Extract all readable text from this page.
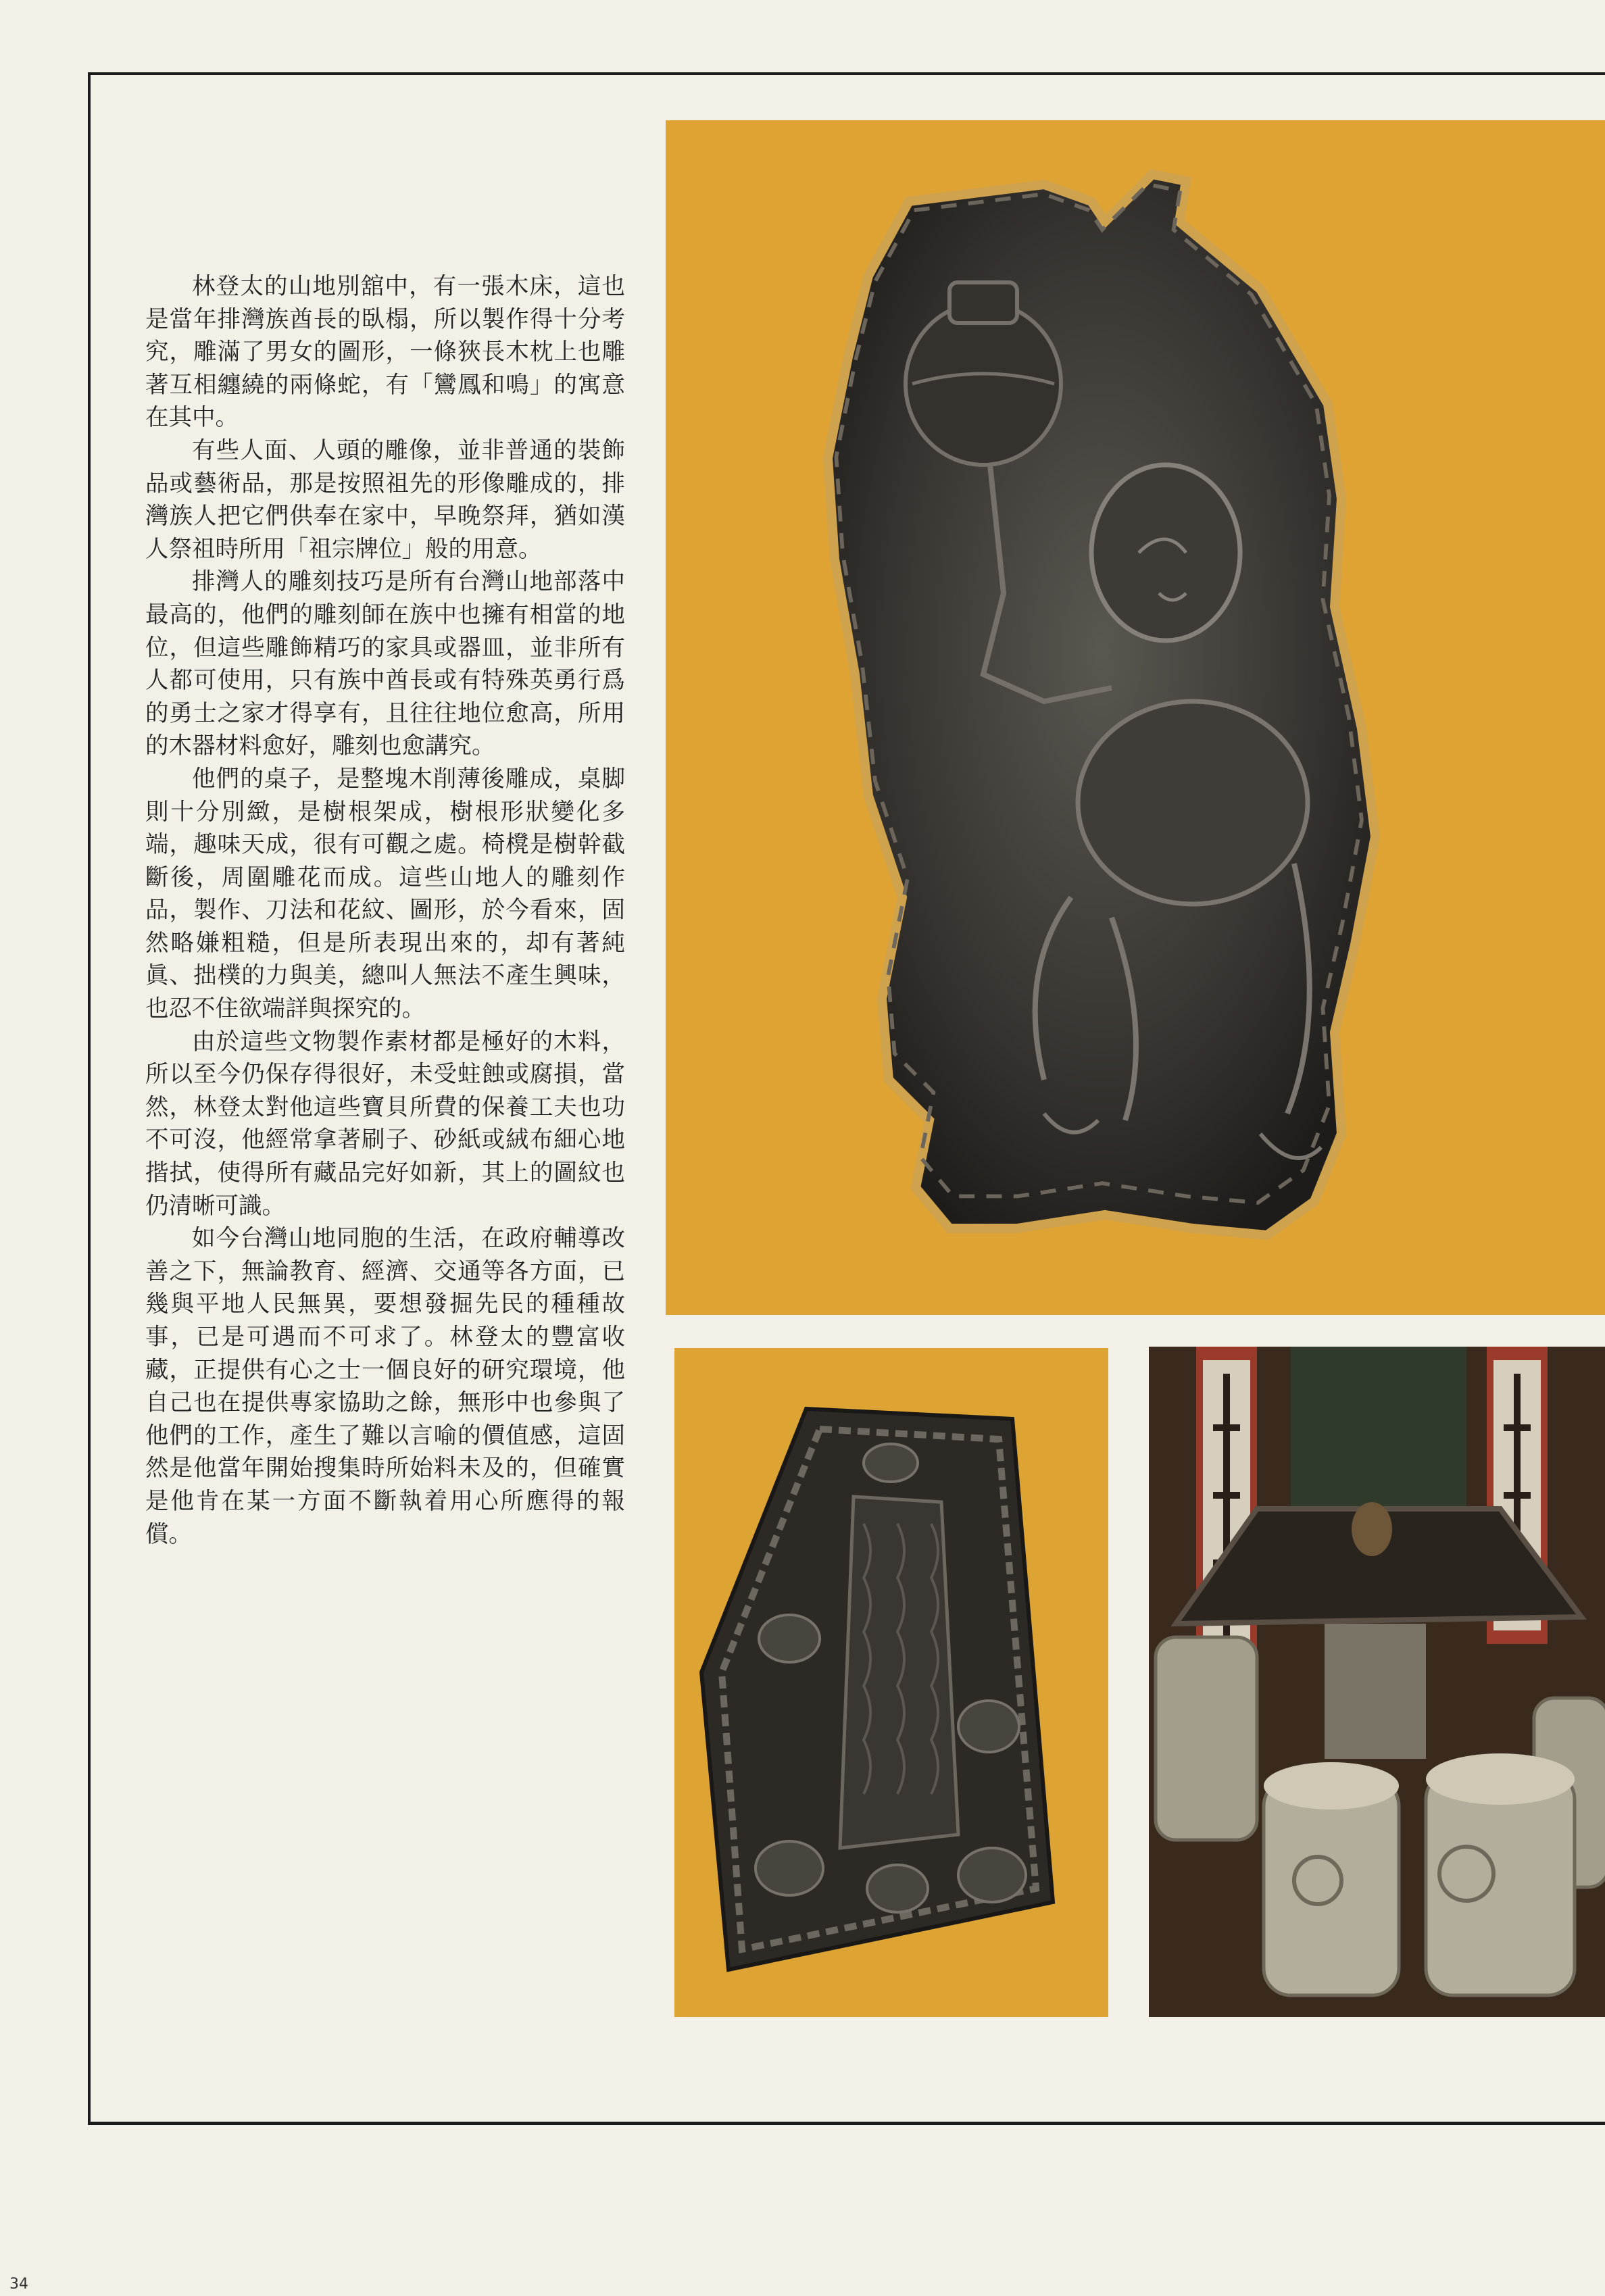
林登太的山地別舘中，有一張木床，這也是當年排灣族酋長的臥榻，所以製作得十分考究，雕滿了男女的圖形，一條狹長木枕上也雕著互相纏繞的兩條蛇，有「鸞鳳和鳴」的寓意在其中。

有些人面、人頭的雕像，並非普通的裝飾品或藝術品，那是按照祖先的形像雕成的，排灣族人把它們供奉在家中，早晚祭拜，猶如漢人祭祖時所用「祖宗牌位」般的用意。

排灣人的雕刻技巧是所有台灣山地部落中最高的，他們的雕刻師在族中也擁有相當的地位，但這些雕飾精巧的家具或器皿，並非所有人都可使用，只有族中酋長或有特殊英勇行爲的勇士之家才得享有，且往往地位愈高，所用的木器材料愈好，雕刻也愈講究。

他們的桌子，是整塊木削薄後雕成，桌脚則十分別緻，是樹根架成，樹根形狀變化多端，趣味天成，很有可觀之處。椅櫈是樹幹截斷後，周圍雕花而成。這些山地人的雕刻作品，製作、刀法和花紋、圖形，於今看來，固然略嫌粗糙，但是所表現出來的，却有著純眞、拙樸的力與美，總叫人無法不產生興味，也忍不住欲端詳與探究的。

由於這些文物製作素材都是極好的木料，所以至今仍保存得很好，未受蛀蝕或腐損，當然，林登太對他這些寶貝所費的保養工夫也功不可沒，他經常拿著刷子、砂紙或絨布細心地揩拭，使得所有藏品完好如新，其上的圖紋也仍清晰可識。

如今台灣山地同胞的生活，在政府輔導改善之下，無論教育、經濟、交通等各方面，已幾與平地人民無異，要想發掘先民的種種故事，已是可遇而不可求了。林登太的豐富收藏，正提供有心之士一個良好的研究環境，他自己也在提供專家協助之餘，無形中也參與了他們的工作，產生了難以言喻的價值感，這固然是他當年開始搜集時所始料未及的，但確實是他肯在某一方面不斷執着用心所應得的報償。

34
